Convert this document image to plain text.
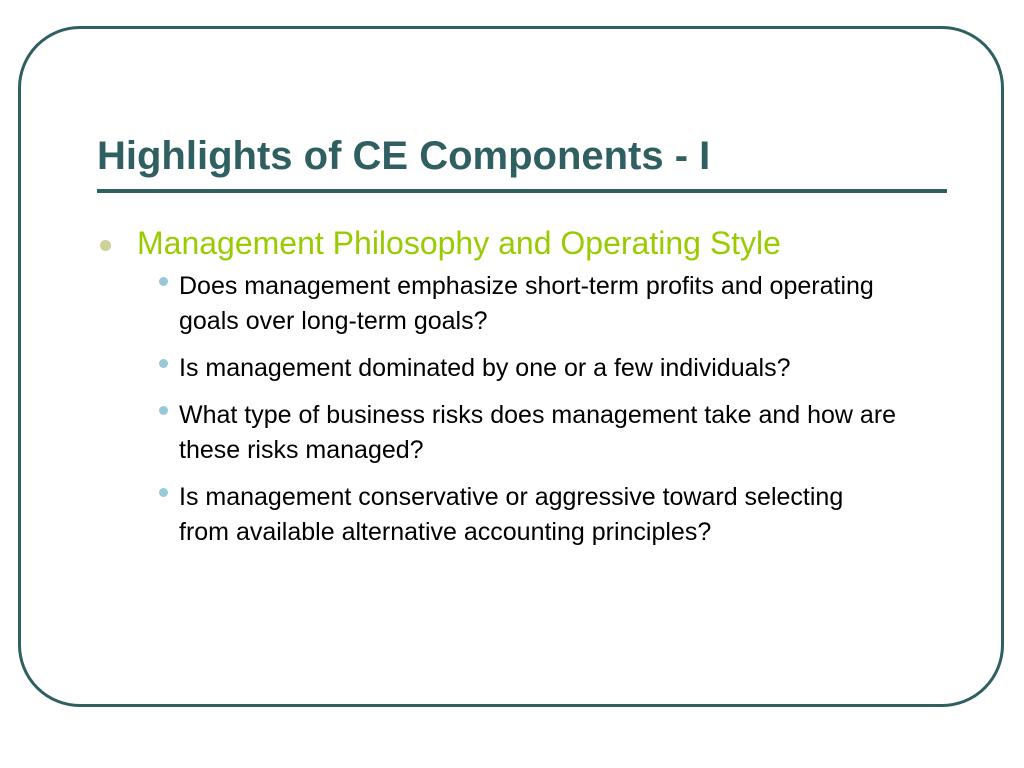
Highlights of CE Components - I
Management Philosophy and Operating Style
Does management emphasize short-term profits and operating goals over long-term goals?
Is management dominated by one or a few individuals?
What type of business risks does management take and how are these risks managed?
Is management conservative or aggressive toward selecting from available alternative accounting principles?
